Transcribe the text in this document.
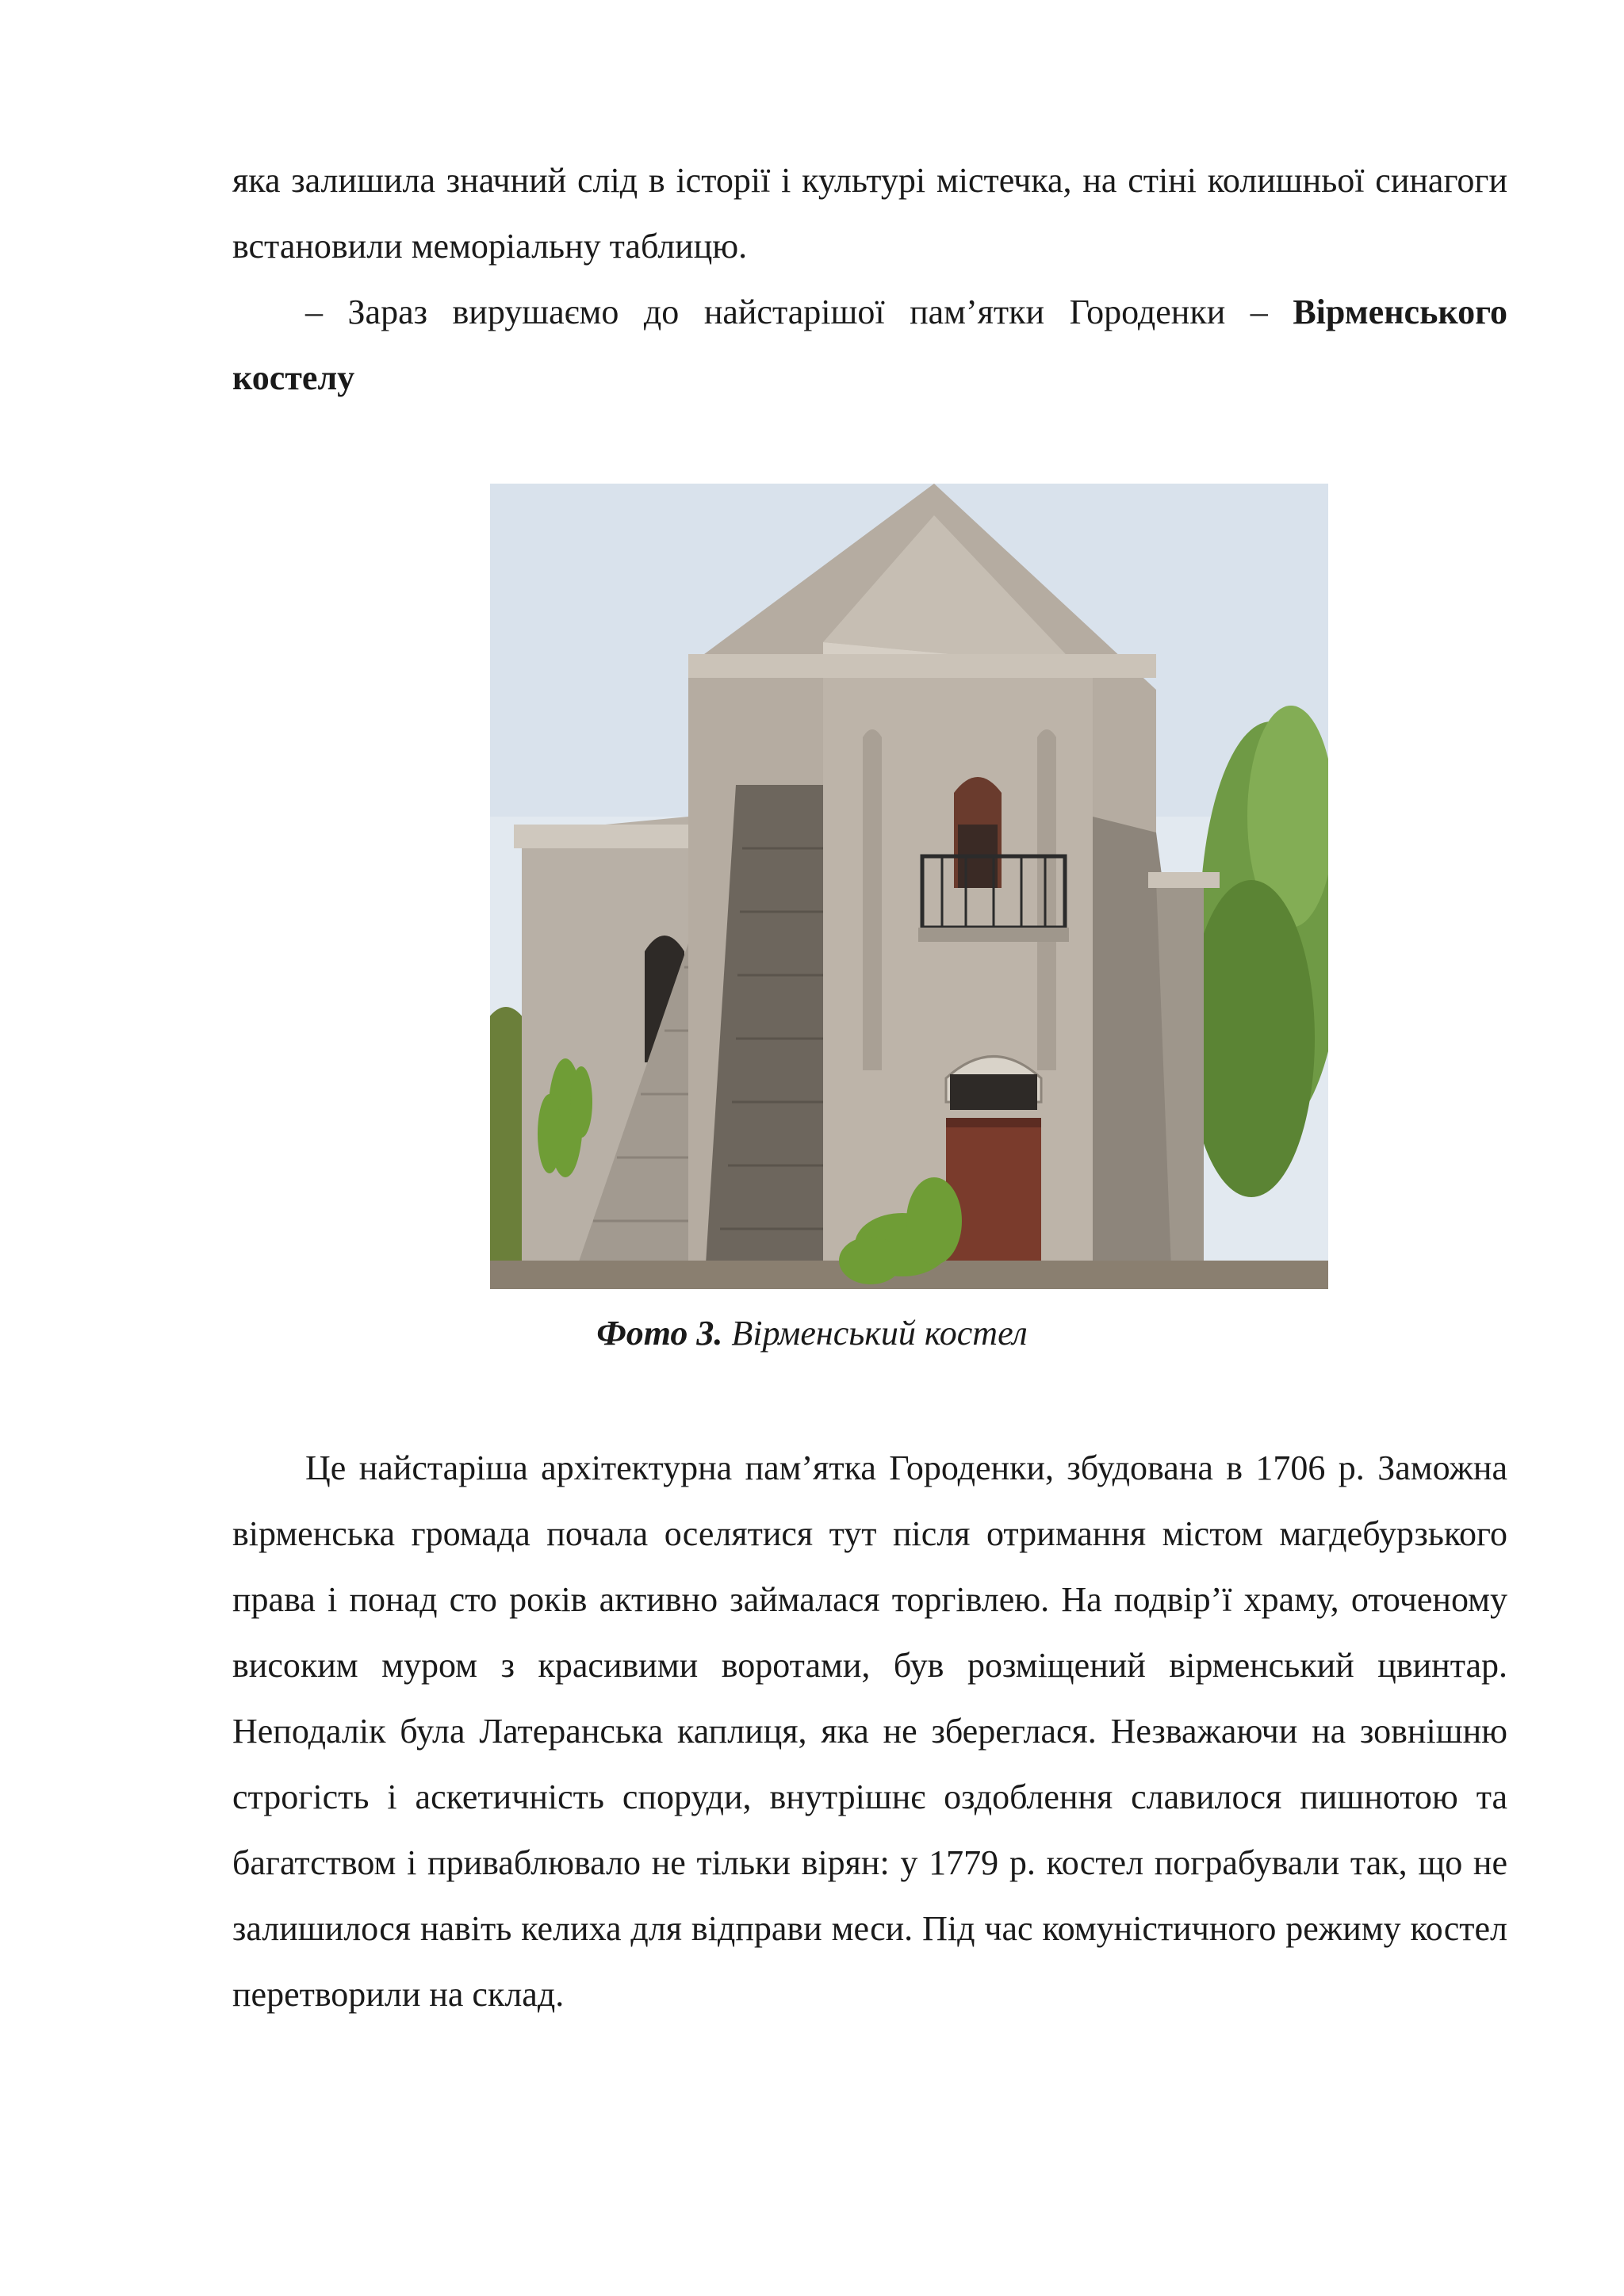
яка залишила значний слід в історії і культурі містечка, на стіні колишньої синагоги встановили меморіальну таблицю.

– Зараз вирушаємо до найстарішої пам’ятки Городенки – Вірменського костелу

Фото 3. Вірменський костел

Це найстаріша архітектурна пам’ятка Городенки, збудована в 1706 р. Заможна вірменська громада почала оселятися тут після отримання містом магдебурзького права і понад сто років активно займалася торгівлею. На подвір’ї храму, оточеному високим муром з красивими воротами, був розміщений вірменський цвинтар. Неподалік була Латеранська каплиця, яка не збереглася. Незважаючи на зовнішню строгість і аскетичність споруди, внутрішнє оздоблення славилося пишнотою та багатством і приваблювало не тільки вірян: у 1779 р. костел пограбували так, що не залишилося навіть келиха для відправи меси. Під час комуністичного режиму костел перетворили на склад.
